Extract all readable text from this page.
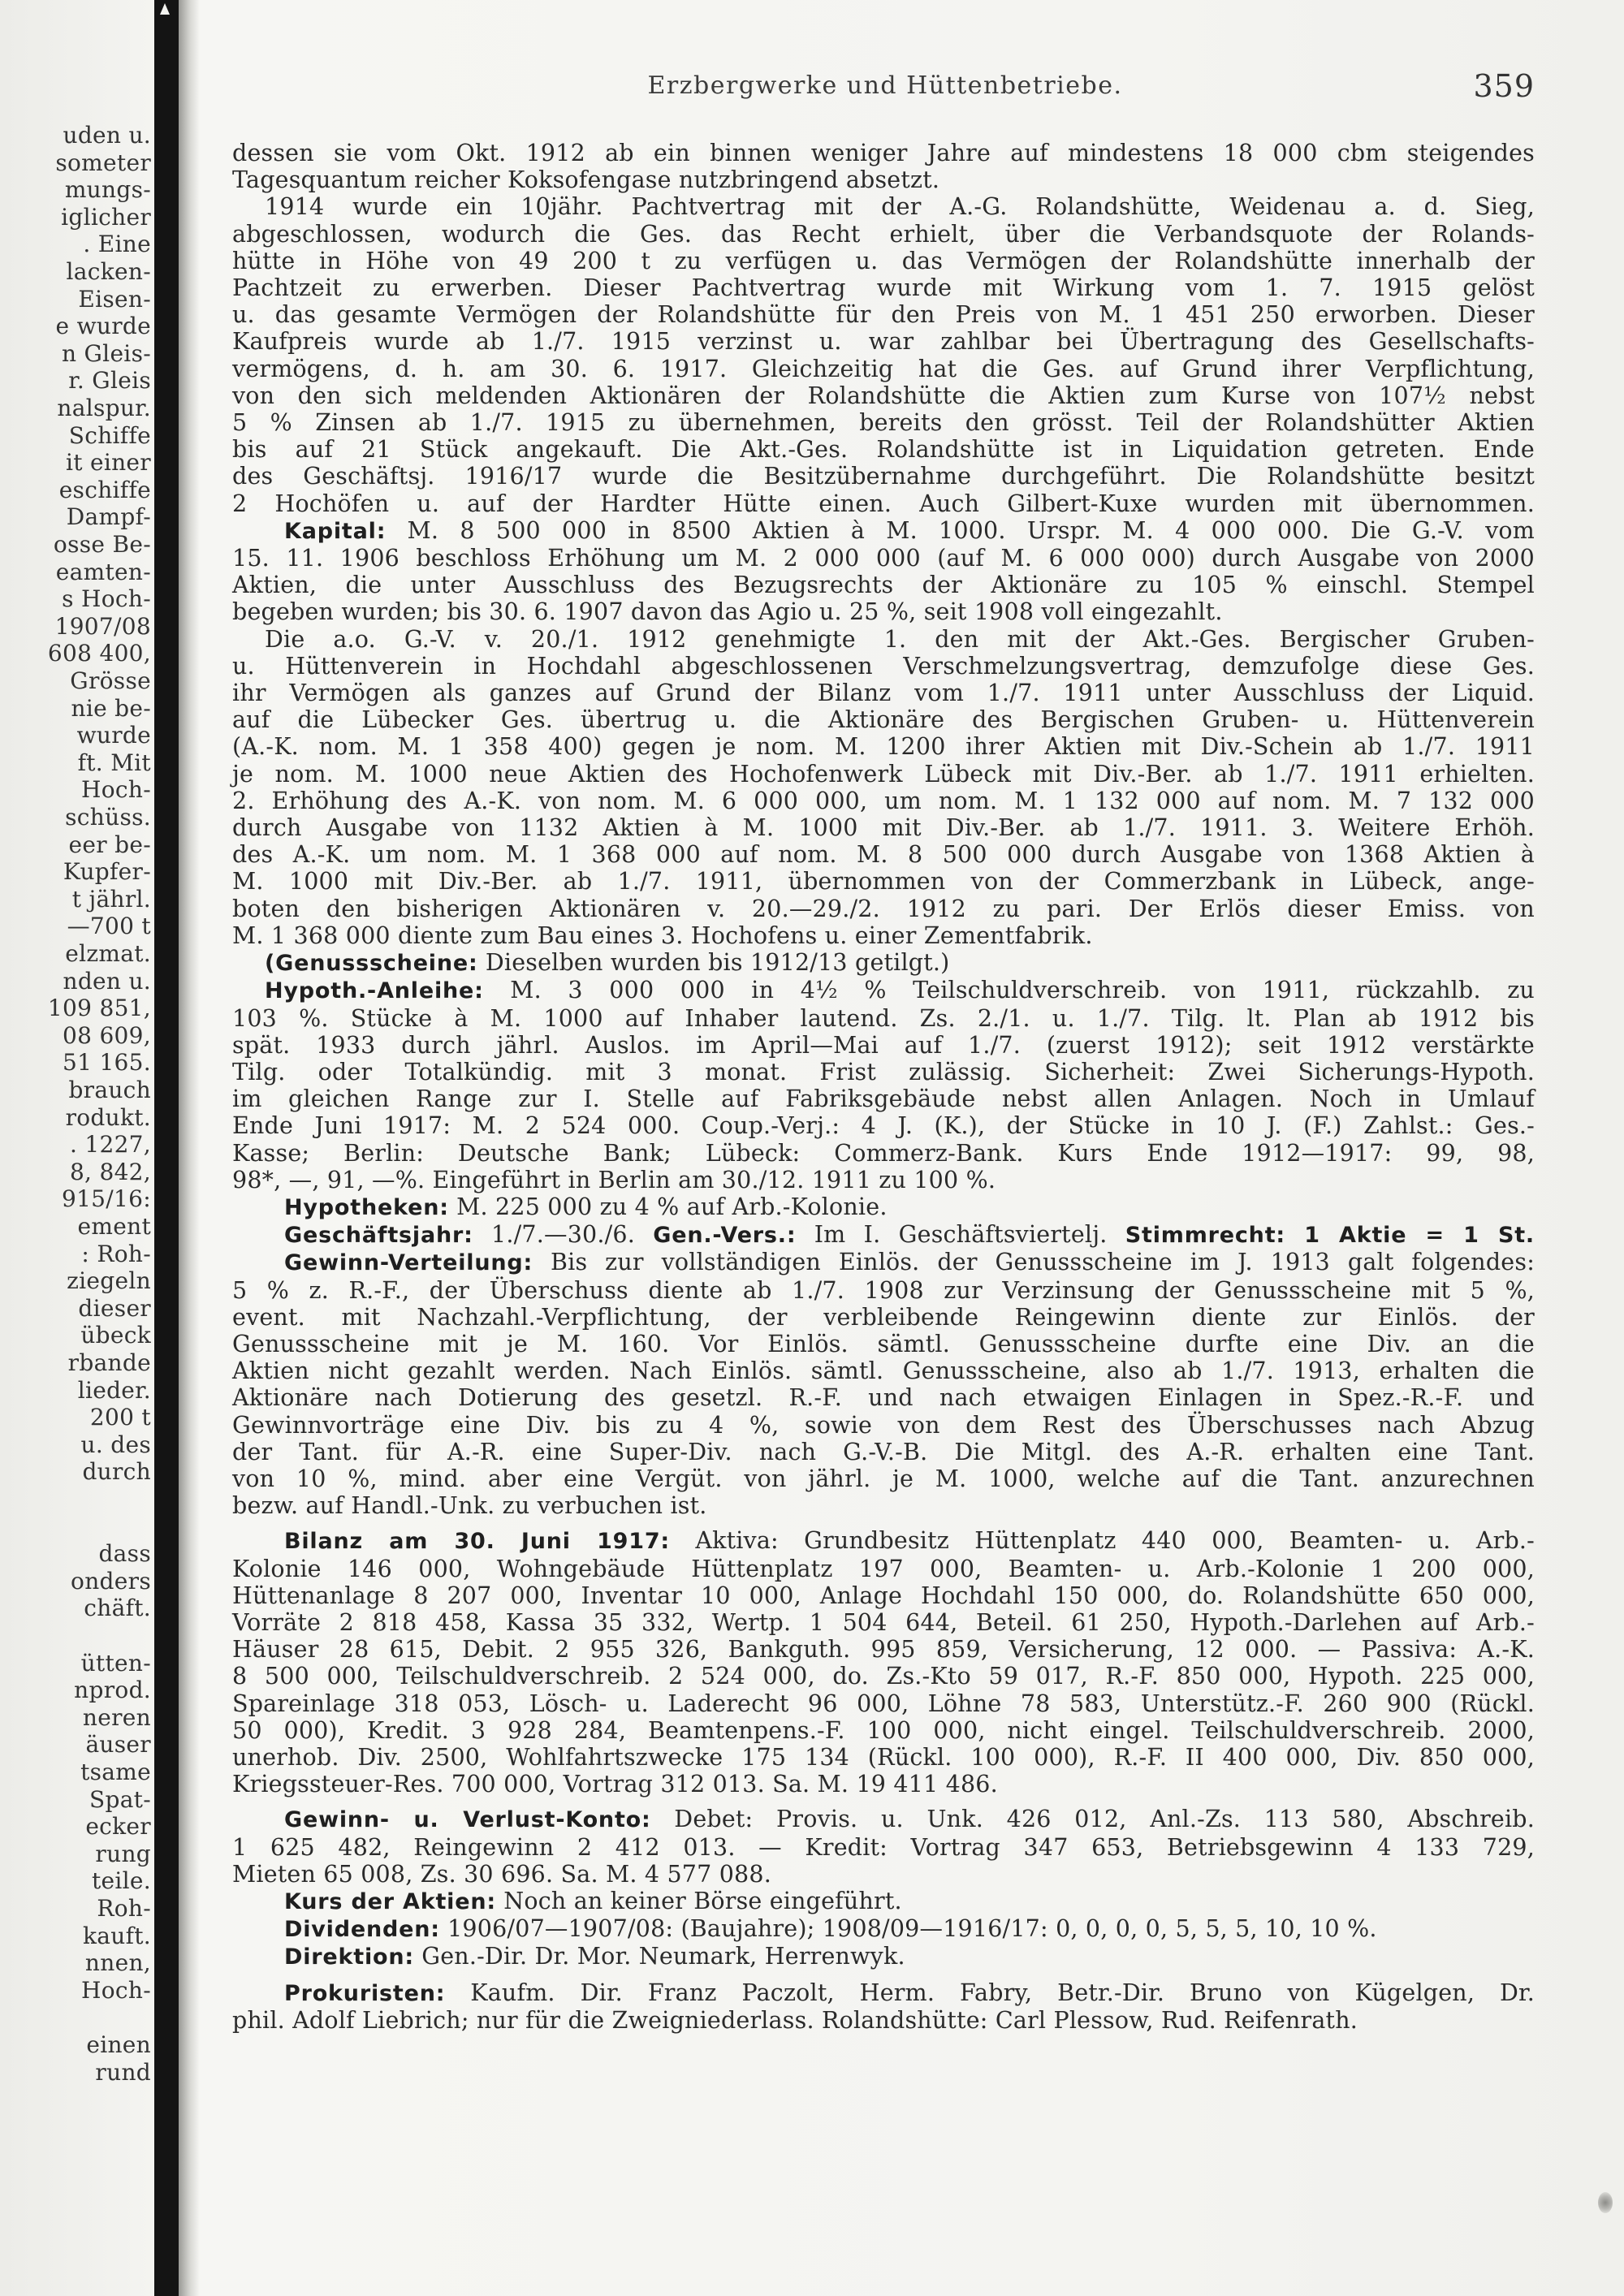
uden u.
someter
mungs-
iglicher
. Eine
lacken-
Eisen-
e wurde
n Gleis-
r. Gleis
nalspur.
Schiffe
it einer
eschiffe
Dampf-
osse Be-
eamten-
s Hoch-
1907/08
608 400,
Grösse
nie be-
wurde
ft. Mit
Hoch-
schüss.
eer be-
Kupfer-
t jährl.
—700 t
elzmat.
nden u.
109 851,
08 609,
51 165.
brauch
rodukt.
. 1227,
8, 842,
915/16:
ement
: Roh-
ziegeln
dieser
übeck
rbande
lieder.
200 t
u. des
durch
dass
onders
chäft.
ütten-
nprod.
neren
äuser
tsame
Spat-
ecker
rung
teile.
Roh-
kauft.
nnen,
Hoch-
einen
rund
Erzbergwerke und Hüttenbetriebe.	359
dessen sie vom Okt. 1912 ab ein binnen weniger Jahre auf mindestens 18 000 cbm steigendes
Tagesquantum reicher Koksofengase nutzbringend absetzt.
1914 wurde ein 10jähr. Pachtvertrag mit der A.-G. Rolandshütte, Weidenau a. d. Sieg,
abgeschlossen, wodurch die Ges. das Recht erhielt, über die Verbandsquote der Rolands-
hütte in Höhe von 49 200 t zu verfügen u. das Vermögen der Rolandshütte innerhalb der
Pachtzeit zu erwerben. Dieser Pachtvertrag wurde mit Wirkung vom 1. 7. 1915 gelöst
u. das gesamte Vermögen der Rolandshütte für den Preis von M. 1 451 250 erworben. Dieser
Kaufpreis wurde ab 1./7. 1915 verzinst u. war zahlbar bei Übertragung des Gesellschafts-
vermögens, d. h. am 30. 6. 1917. Gleichzeitig hat die Ges. auf Grund ihrer Verpflichtung,
von den sich meldenden Aktionären der Rolandshütte die Aktien zum Kurse von 107½ nebst
5 % Zinsen ab 1./7. 1915 zu übernehmen, bereits den grösst. Teil der Rolandshütter Aktien
bis auf 21 Stück angekauft. Die Akt.-Ges. Rolandshütte ist in Liquidation getreten. Ende
des Geschäftsj. 1916/17 wurde die Besitzübernahme durchgeführt. Die Rolandshütte besitzt
2 Hochöfen u. auf der Hardter Hütte einen. Auch Gilbert-Kuxe wurden mit übernommen.
Kapital: M. 8 500 000 in 8500 Aktien à M. 1000. Urspr. M. 4 000 000. Die G.-V. vom
15. 11. 1906 beschloss Erhöhung um M. 2 000 000 (auf M. 6 000 000) durch Ausgabe von 2000
Aktien, die unter Ausschluss des Bezugsrechts der Aktionäre zu 105 % einschl. Stempel
begeben wurden; bis 30. 6. 1907 davon das Agio u. 25 %, seit 1908 voll eingezahlt.
Die a.o. G.-V. v. 20./1. 1912 genehmigte 1. den mit der Akt.-Ges. Bergischer Gruben-
u. Hüttenverein in Hochdahl abgeschlossenen Verschmelzungsvertrag, demzufolge diese Ges.
ihr Vermögen als ganzes auf Grund der Bilanz vom 1./7. 1911 unter Ausschluss der Liquid.
auf die Lübecker Ges. übertrug u. die Aktionäre des Bergischen Gruben- u. Hüttenverein
(A.-K. nom. M. 1 358 400) gegen je nom. M. 1200 ihrer Aktien mit Div.-Schein ab 1./7. 1911
je nom. M. 1000 neue Aktien des Hochofenwerk Lübeck mit Div.-Ber. ab 1./7. 1911 erhielten.
2. Erhöhung des A.-K. von nom. M. 6 000 000, um nom. M. 1 132 000 auf nom. M. 7 132 000
durch Ausgabe von 1132 Aktien à M. 1000 mit Div.-Ber. ab 1./7. 1911. 3. Weitere Erhöh.
des A.-K. um nom. M. 1 368 000 auf nom. M. 8 500 000 durch Ausgabe von 1368 Aktien à
M. 1000 mit Div.-Ber. ab 1./7. 1911, übernommen von der Commerzbank in Lübeck, ange-
boten den bisherigen Aktionären v. 20.—29./2. 1912 zu pari. Der Erlös dieser Emiss. von
M. 1 368 000 diente zum Bau eines 3. Hochofens u. einer Zementfabrik.
(Genussscheine: Dieselben wurden bis 1912/13 getilgt.)
Hypoth.-Anleihe: M. 3 000 000 in 4½ % Teilschuldverschreib. von 1911, rückzahlb. zu
103 %. Stücke à M. 1000 auf Inhaber lautend. Zs. 2./1. u. 1./7. Tilg. lt. Plan ab 1912 bis
spät. 1933 durch jährl. Auslos. im April—Mai auf 1./7. (zuerst 1912); seit 1912 verstärkte
Tilg. oder Totalkündig. mit 3 monat. Frist zulässig. Sicherheit: Zwei Sicherungs-Hypoth.
im gleichen Range zur I. Stelle auf Fabriksgebäude nebst allen Anlagen. Noch in Umlauf
Ende Juni 1917: M. 2 524 000. Coup.-Verj.: 4 J. (K.), der Stücke in 10 J. (F.) Zahlst.: Ges.-
Kasse; Berlin: Deutsche Bank; Lübeck: Commerz-Bank. Kurs Ende 1912—1917: 99, 98,
98*, —, 91, —%. Eingeführt in Berlin am 30./12. 1911 zu 100 %.
Hypotheken: M. 225 000 zu 4 % auf Arb.-Kolonie.
Geschäftsjahr: 1./7.—30./6. Gen.-Vers.: Im I. Geschäftsviertelj. Stimmrecht: 1 Aktie = 1 St.
Gewinn-Verteilung: Bis zur vollständigen Einlös. der Genussscheine im J. 1913 galt folgendes:
5 % z. R.-F., der Überschuss diente ab 1./7. 1908 zur Verzinsung der Genussscheine mit 5 %,
event. mit Nachzahl.-Verpflichtung, der verbleibende Reingewinn diente zur Einlös. der
Genussscheine mit je M. 160. Vor Einlös. sämtl. Genussscheine durfte eine Div. an die
Aktien nicht gezahlt werden. Nach Einlös. sämtl. Genussscheine, also ab 1./7. 1913, erhalten die
Aktionäre nach Dotierung des gesetzl. R.-F. und nach etwaigen Einlagen in Spez.-R.-F. und
Gewinnvorträge eine Div. bis zu 4 %, sowie von dem Rest des Überschusses nach Abzug
der Tant. für A.-R. eine Super-Div. nach G.-V.-B. Die Mitgl. des A.-R. erhalten eine Tant.
von 10 %, mind. aber eine Vergüt. von jährl. je M. 1000, welche auf die Tant. anzurechnen
bezw. auf Handl.-Unk. zu verbuchen ist.
Bilanz am 30. Juni 1917: Aktiva: Grundbesitz Hüttenplatz 440 000, Beamten- u. Arb.-
Kolonie 146 000, Wohngebäude Hüttenplatz 197 000, Beamten- u. Arb.-Kolonie 1 200 000,
Hüttenanlage 8 207 000, Inventar 10 000, Anlage Hochdahl 150 000, do. Rolandshütte 650 000,
Vorräte 2 818 458, Kassa 35 332, Wertp. 1 504 644, Beteil. 61 250, Hypoth.-Darlehen auf Arb.-
Häuser 28 615, Debit. 2 955 326, Bankguth. 995 859, Versicherung, 12 000. — Passiva: A.-K.
8 500 000, Teilschuldverschreib. 2 524 000, do. Zs.-Kto 59 017, R.-F. 850 000, Hypoth. 225 000,
Spareinlage 318 053, Lösch- u. Laderecht 96 000, Löhne 78 583, Unterstütz.-F. 260 900 (Rückl.
50 000), Kredit. 3 928 284, Beamtenpens.-F. 100 000, nicht eingel. Teilschuldverschreib. 2000,
unerhob. Div. 2500, Wohlfahrtszwecke 175 134 (Rückl. 100 000), R.-F. II 400 000, Div. 850 000,
Kriegssteuer-Res. 700 000, Vortrag 312 013. Sa. M. 19 411 486.
Gewinn- u. Verlust-Konto: Debet: Provis. u. Unk. 426 012, Anl.-Zs. 113 580, Abschreib.
1 625 482, Reingewinn 2 412 013. — Kredit: Vortrag 347 653, Betriebsgewinn 4 133 729,
Mieten 65 008, Zs. 30 696. Sa. M. 4 577 088.
Kurs der Aktien: Noch an keiner Börse eingeführt.
Dividenden: 1906/07—1907/08: (Baujahre); 1908/09—1916/17: 0, 0, 0, 0, 5, 5, 5, 10, 10 %.
Direktion: Gen.-Dir. Dr. Mor. Neumark, Herrenwyk.
Prokuristen: Kaufm. Dir. Franz Paczolt, Herm. Fabry, Betr.-Dir. Bruno von Kügelgen, Dr.
phil. Adolf Liebrich; nur für die Zweigniederlass. Rolandshütte: Carl Plessow, Rud. Reifenrath.
